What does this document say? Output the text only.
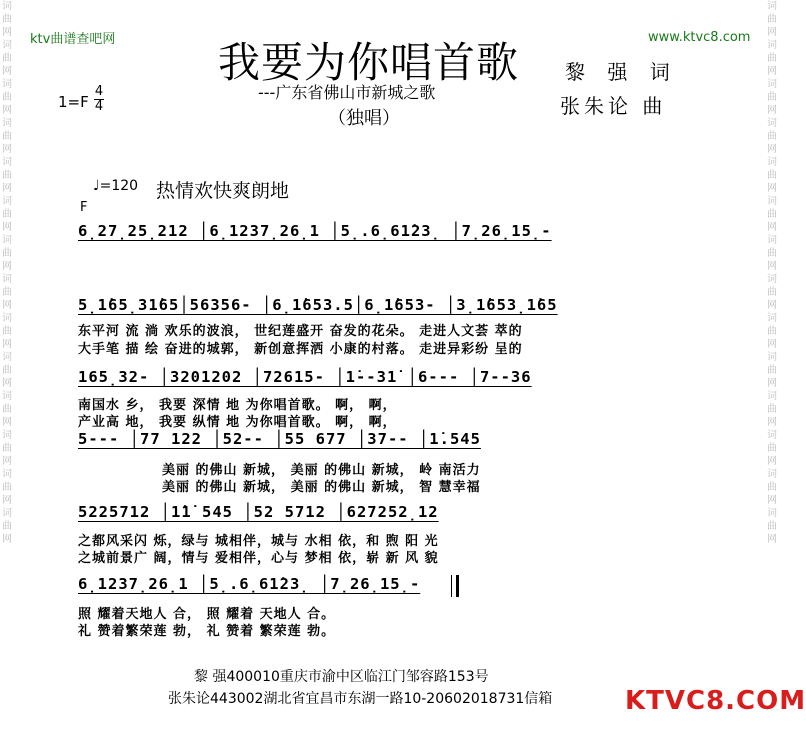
词曲网词曲网词曲网词曲网词曲网词曲网词曲网词曲网词曲网词曲网词曲网词曲网词曲网词曲网
词曲网词曲网词曲网词曲网词曲网词曲网词曲网词曲网词曲网词曲网词曲网词曲网词曲网词曲网
ktv曲谱查吧网	www.ktvc8.com
我要为你唱首歌
---广东省佛山市新城之歌
（独唱）
黎 强 词
张朱论 曲
1=F
4
4
♩=120 热情欢快爽朗地
F
6̣27̣25̣212 │6̣1237̣26̣1 │5̣.6̣61̇23̣ │7̣26̣15̣-
5̣1̇65̣31̇65│56356- │6̣1̇653.5│6̣1̇653- │3̣1̇653̣1̇65
东平河 流 淌 欢乐的波浪， 世纪莲盛开 奋发的花朵。 走进人文荟 萃的
大手笔 描 绘 奋进的城郭， 新创意挥洒 小康的村落。 走进异彩纷 呈的
165̣32- │3201202 │72615- │1̇--31̇ │6--- │7--36
南国水 乡， 我要 深情 地 为你唱首歌。 啊， 啊，
产业高 地， 我要 纵情 地 为你唱首歌。 啊， 啊，
5--- │77 122 │52-- │55 677 │37-- │1̇.545
美丽 的佛山 新城， 美丽 的佛山 新城， 岭 南活力
美丽 的佛山 新城， 美丽 的佛山 新城， 智 慧幸福
5225712 │1̇1̇ 545 │52 5712 │627252̣12
之都风采闪 烁，绿与 城相伴，城与 水相 依，和 煦 阳 光
之城前景广 阔，情与 爱相伴，心与 梦相 依，崭 新 风 貌
6̣1237̣26̣1 │5̣.6̣61̇23̣ │7̣26̣15̣-
照 耀着天地人 合， 照 耀着 天地人 合。
礼 赞着繁荣莲 勃， 礼 赞着 繁荣莲 勃。
黎 强400010重庆市渝中区临江门邹容路153号
张朱论443002湖北省宜昌市东湖一路10-20602018731信箱	KTVC8.COM
